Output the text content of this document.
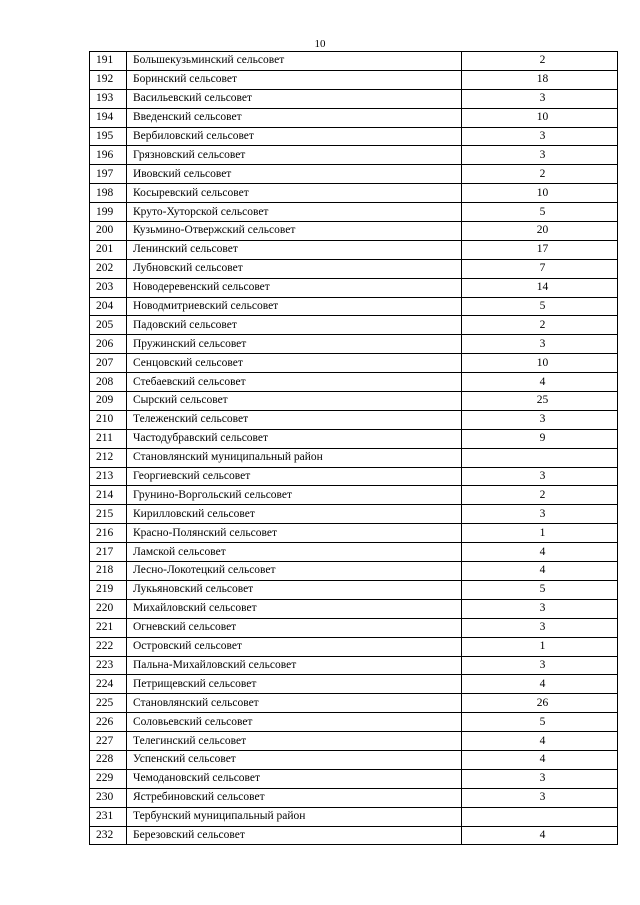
10
191	Большекузьминский сельсовет	2
192	Боринский сельсовет	18
193	Васильевский сельсовет	3
194	Введенский сельсовет	10
195	Вербиловский сельсовет	3
196	Грязновский сельсовет	3
197	Ивовский сельсовет	2
198	Косыревский сельсовет	10
199	Круто-Хуторской сельсовет	5
200	Кузьмино-Отвержский сельсовет	20
201	Ленинский сельсовет	17
202	Лубновский сельсовет	7
203	Новодеревенский сельсовет	14
204	Новодмитриевский сельсовет	5
205	Падовский сельсовет	2
206	Пружинский сельсовет	3
207	Сенцовский сельсовет	10
208	Стебаевский сельсовет	4
209	Сырский сельсовет	25
210	Тележенский сельсовет	3
211	Частодубравский сельсовет	9
212	Становлянский муниципальный район	
213	Георгиевский сельсовет	3
214	Грунино-Воргольский сельсовет	2
215	Кирилловский сельсовет	3
216	Красно-Полянский сельсовет	1
217	Ламской сельсовет	4
218	Лесно-Локотецкий сельсовет	4
219	Лукьяновский сельсовет	5
220	Михайловский сельсовет	3
221	Огневский сельсовет	3
222	Островский сельсовет	1
223	Пальна-Михайловский сельсовет	3
224	Петрищевский сельсовет	4
225	Становлянский сельсовет	26
226	Соловьевский сельсовет	5
227	Телегинский сельсовет	4
228	Успенский сельсовет	4
229	Чемодановский сельсовет	3
230	Ястребиновский сельсовет	3
231	Тербунский муниципальный район	
232	Березовский сельсовет	4
